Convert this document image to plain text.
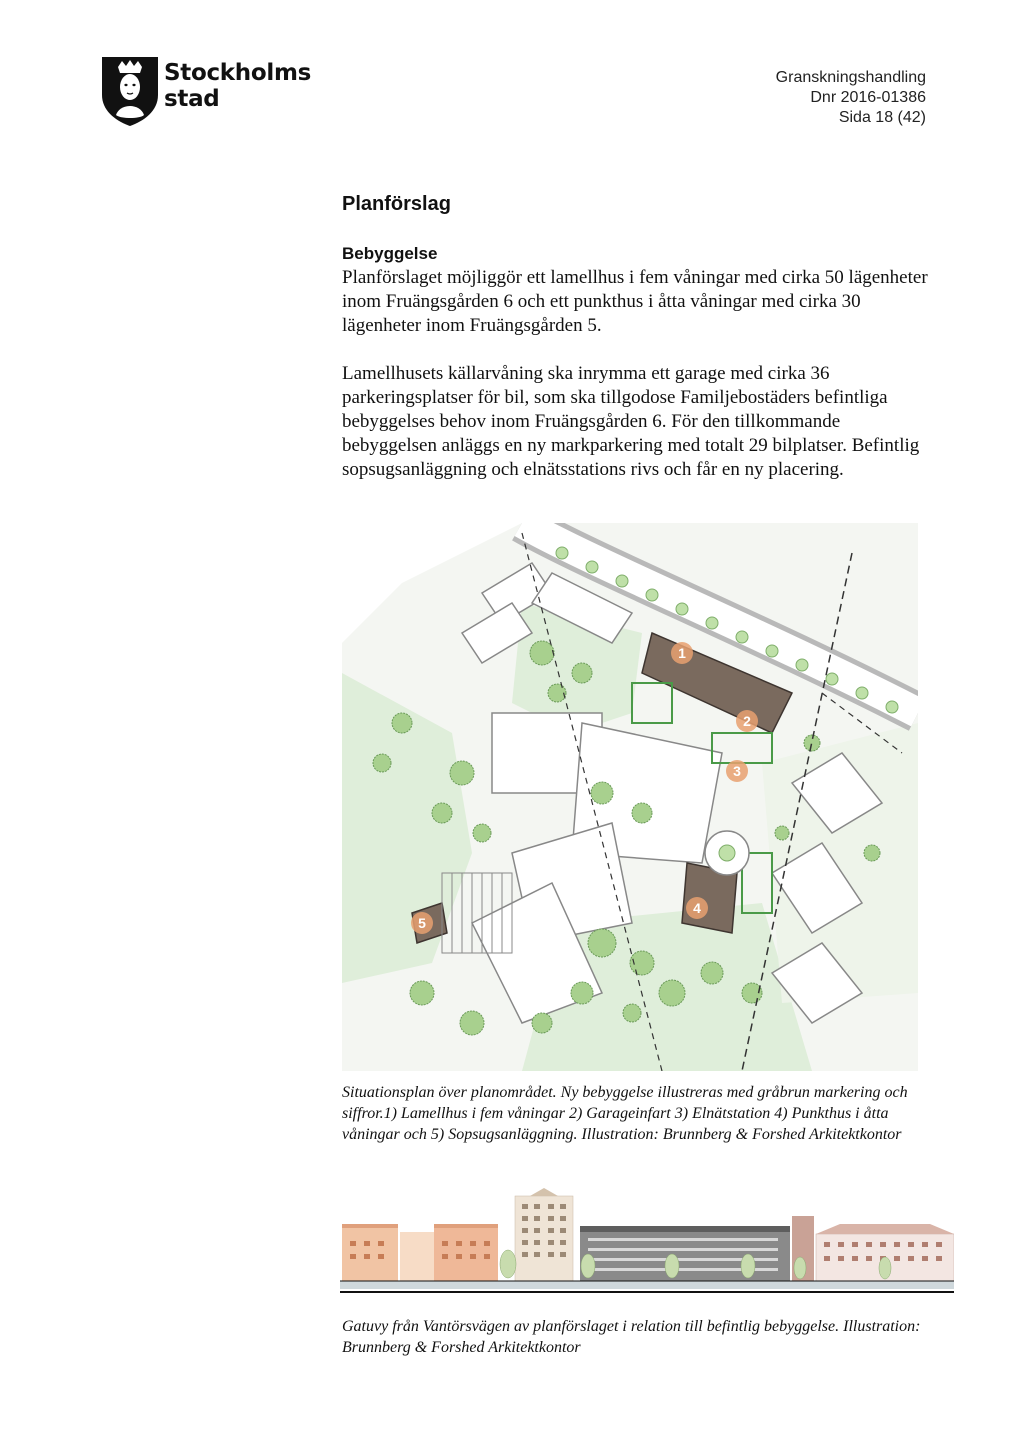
Stockholms
stad
Granskningshandling
Dnr 2016-01386
Sida 18 (42)
Planförslag
Bebyggelse

Planförslaget möjliggör ett lamellhus i fem våningar med cirka 50 lägenheter inom Fruängsgården 6 och ett punkthus i åtta våningar med cirka 30 lägenheter inom Fruängsgården 5.

Lamellhusets källarvåning ska inrymma ett garage med cirka 36 parkeringsplatser för bil, som ska tillgodose Familjebostäders befintliga bebyggelses behov inom Fruängsgården 6. För den tillkommande bebyggelsen anläggs en ny markparkering med totalt 29 bilplatser. Befintlig sopsugsanläggning och elnätsstations rivs och får en ny placering.

1
2
3
4
5

Situationsplan över planområdet. Ny bebyggelse illustreras med gråbrun markering och siffror.1) Lamellhus i fem våningar 2) Garageinfart 3) Elnätstation 4) Punkthus i åtta våningar och 5) Sopsugsanläggning. Illustration: Brunnberg & Forshed Arkitektkontor

Gatuvy från Vantörsvägen av planförslaget i relation till befintlig bebyggelse. Illustration: Brunnberg & Forshed Arkitektkontor
